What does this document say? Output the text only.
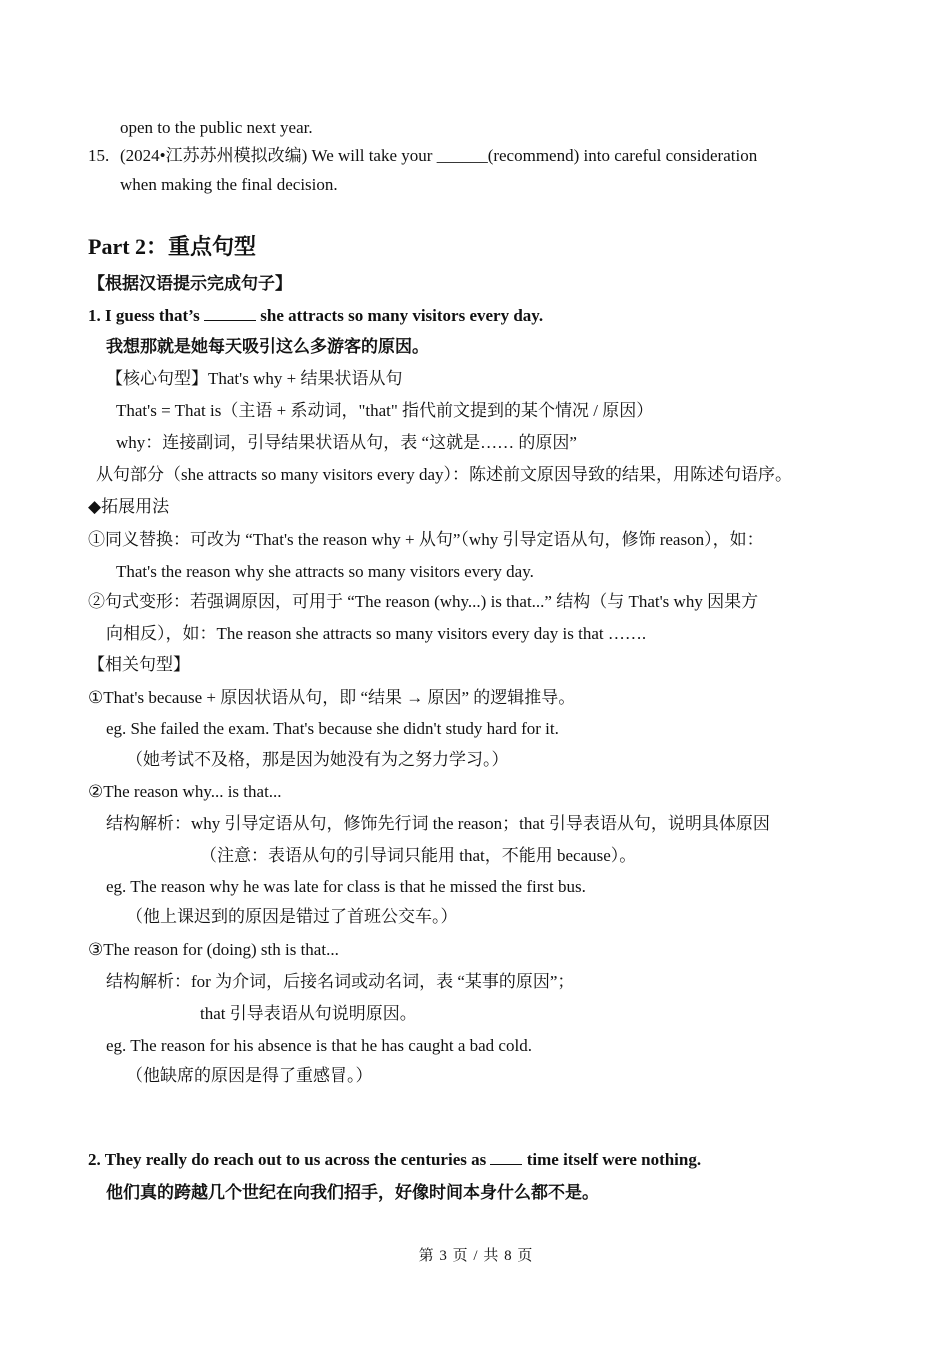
open to the public next year.
15. (2024•江苏苏州模拟改编) We will take your ______(recommend) into careful consideration
when making the final decision.
Part 2：重点句型
【根据汉语提示完成句子】
1. I guess that’s	she attracts so many visitors every day.
我想那就是她每天吸引这么多游客的原因。
【核心句型】That's why + 结果状语从句
That's = That is（主语 + 系动词，"that" 指代前文提到的某个情况 / 原因）
why：连接副词，引导结果状语从句，表 “这就是…… 的原因”
从句部分（she attracts so many visitors every day）：陈述前文原因导致的结果，用陈述句语序。
◆拓展用法
①同义替换：可改为 “That's the reason why + 从句”（why 引导定语从句，修饰 reason），如：
That's the reason why she attracts so many visitors every day.
②句式变形：若强调原因，可用于 “The reason (why...) is that...” 结构（与 That's why 因果方
向相反），如：The reason she attracts so many visitors every day is that …….
【相关句型】
①That's because + 原因状语从句，即 “结果 → 原因” 的逻辑推导。
eg. She failed the exam. That's because she didn't study hard for it.
（她考试不及格，那是因为她没有为之努力学习。）
②The reason why... is that...
结构解析：why 引导定语从句，修饰先行词 the reason；that 引导表语从句，说明具体原因
（注意：表语从句的引导词只能用 that，不能用 because）。
eg. The reason why he was late for class is that he missed the first bus.
（他上课迟到的原因是错过了首班公交车。）
③The reason for (doing) sth is that...
结构解析：for 为介词，后接名词或动名词，表 “某事的原因”；
that 引导表语从句说明原因。
eg. The reason for his absence is that he has caught a bad cold.
（他缺席的原因是得了重感冒。）
2. They really do reach out to us across the centuries as  time itself were nothing.
他们真的跨越几个世纪在向我们招手，好像时间本身什么都不是。
第 3 页 / 共 8 页
